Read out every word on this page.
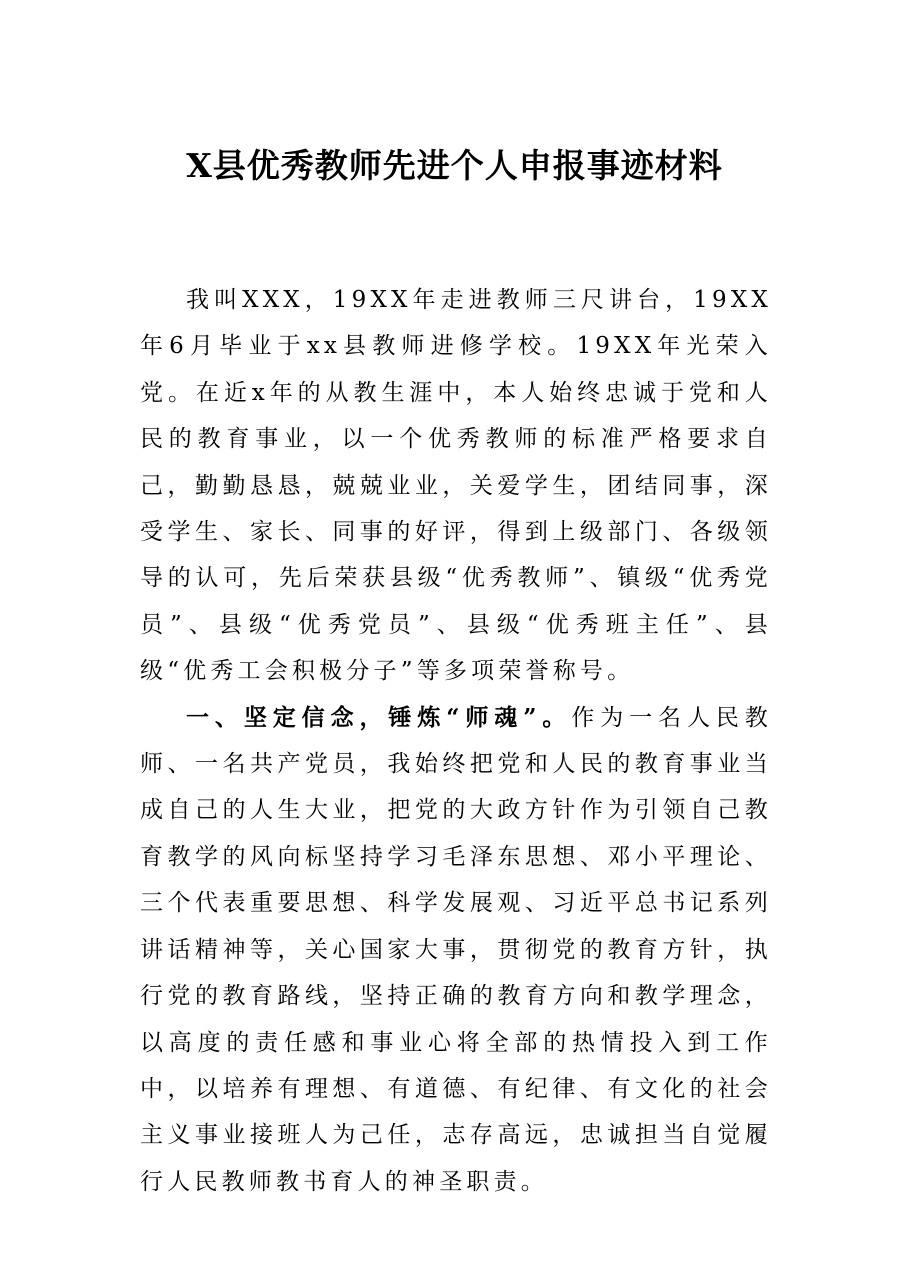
X县优秀教师先进个人申报事迹材料

我叫XXX，19XX年走进教师三尺讲台，19XX年6月毕业于xx县教师进修学校。19XX年光荣入党。在近x年的从教生涯中，本人始终忠诚于党和人民的教育事业，以一个优秀教师的标准严格要求自己，勤勤恳恳，兢兢业业，关爱学生，团结同事，深受学生、家长、同事的好评，得到上级部门、各级领导的认可，先后荣获县级“优秀教师”、镇级“优秀党员”、县级“优秀党员”、县级“优秀班主任”、县级“优秀工会积极分子”等多项荣誉称号。

一、坚定信念，锤炼“师魂”。作为一名人民教师、一名共产党员，我始终把党和人民的教育事业当成自己的人生大业，把党的大政方针作为引领自己教育教学的风向标坚持学习毛泽东思想、邓小平理论、三个代表重要思想、科学发展观、习近平总书记系列讲话精神等，关心国家大事，贯彻党的教育方针，执行党的教育路线，坚持正确的教育方向和教学理念，以高度的责任感和事业心将全部的热情投入到工作中，以培养有理想、有道德、有纪律、有文化的社会主义事业接班人为己任，志存高远，忠诚担当自觉履行人民教师教书育人的神圣职责。
